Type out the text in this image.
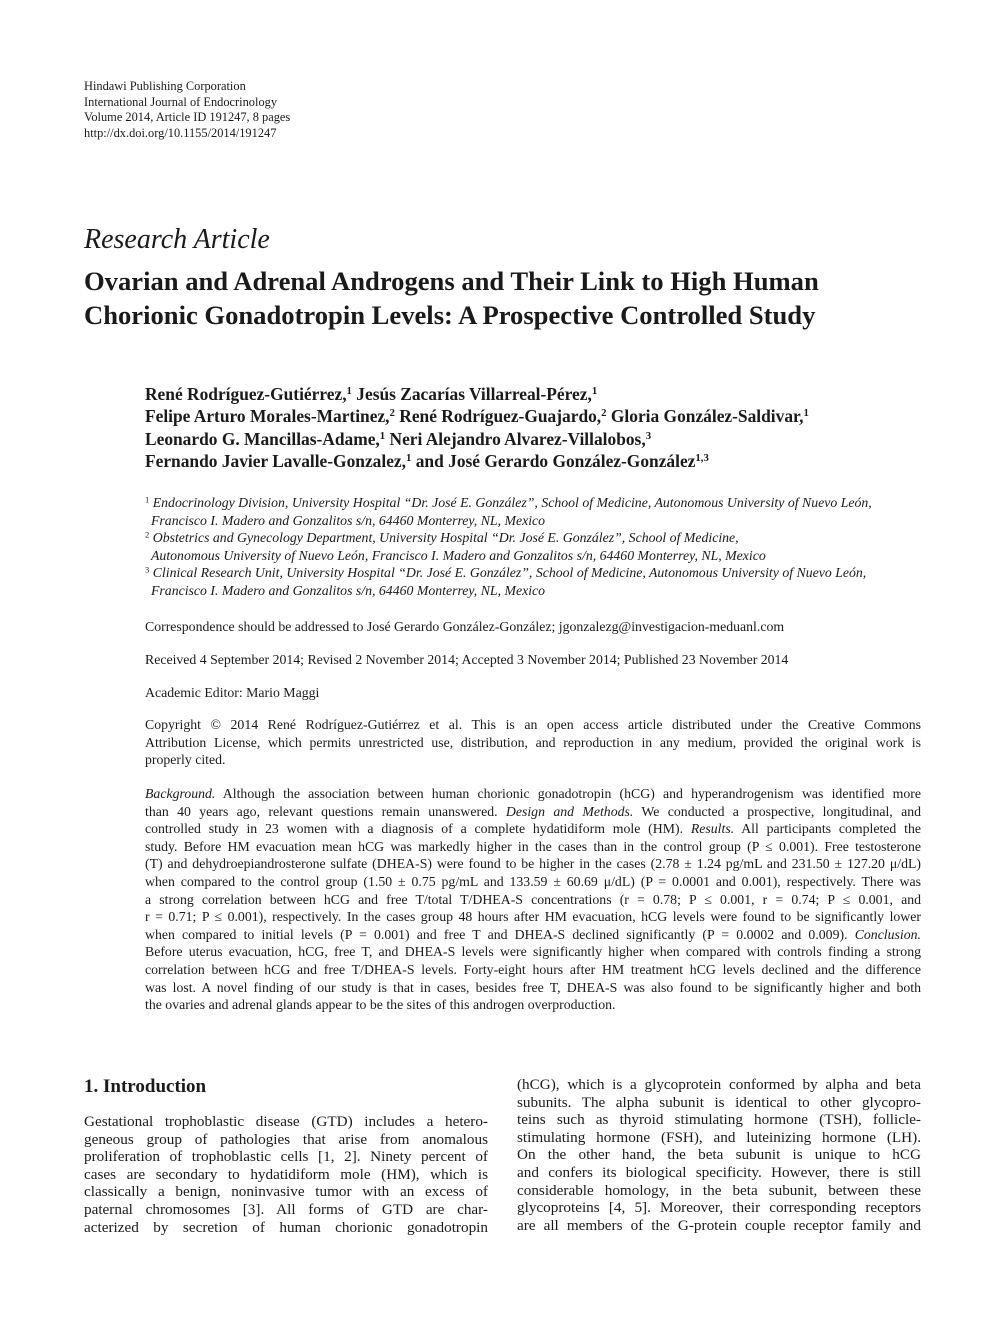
Hindawi Publishing Corporation
International Journal of Endocrinology
Volume 2014, Article ID 191247, 8 pages
http://dx.doi.org/10.1155/2014/191247
Research Article
Ovarian and Adrenal Androgens and Their Link to High Human
Chorionic Gonadotropin Levels: A Prospective Controlled Study
René Rodríguez-Gutiérrez,$^1$ Jesús Zacarías Villarreal-Pérez,$^1$
Felipe Arturo Morales-Martinez,$^2$ René Rodríguez-Guajardo,$^2$ Gloria González-Saldivar,$^1$
Leonardo G. Mancillas-Adame,$^1$ Neri Alejandro Alvarez-Villalobos,$^3$
Fernando Javier Lavalle-Gonzalez,$^1$ and José Gerardo González-González$^{1,3}$
$^1$ Endocrinology Division, University Hospital “Dr. José E. González”, School of Medicine, Autonomous University of Nuevo León,
Francisco I. Madero and Gonzalitos s/n, 64460 Monterrey, NL, Mexico
$^2$ Obstetrics and Gynecology Department, University Hospital “Dr. José E. González”, School of Medicine,
Autonomous University of Nuevo León, Francisco I. Madero and Gonzalitos s/n, 64460 Monterrey, NL, Mexico
$^3$ Clinical Research Unit, University Hospital “Dr. José E. González”, School of Medicine, Autonomous University of Nuevo León,
Francisco I. Madero and Gonzalitos s/n, 64460 Monterrey, NL, Mexico
Correspondence should be addressed to José Gerardo González-González; jgonzalezg@investigacion-meduanl.com
Received 4 September 2014; Revised 2 November 2014; Accepted 3 November 2014; Published 23 November 2014
Academic Editor: Mario Maggi
Copyright © 2014 René Rodríguez-Gutiérrez et al. This is an open access article distributed under the Creative Commons
Attribution License, which permits unrestricted use, distribution, and reproduction in any medium, provided the original work is
properly cited.
Background. Although the association between human chorionic gonadotropin (hCG) and hyperandrogenism was identified more
than 40 years ago, relevant questions remain unanswered. Design and Methods. We conducted a prospective, longitudinal, and
controlled study in 23 women with a diagnosis of a complete hydatidiform mole (HM). Results. All participants completed the
study. Before HM evacuation mean hCG was markedly higher in the cases than in the control group (P ≤ 0.001). Free testosterone
(T) and dehydroepiandrosterone sulfate (DHEA-S) were found to be higher in the cases (2.78 ± 1.24 pg/mL and 231.50 ± 127.20 μ/dL)
when compared to the control group (1.50 ± 0.75 pg/mL and 133.59 ± 60.69 μ/dL) (P = 0.0001 and 0.001), respectively. There was
a strong correlation between hCG and free T/total T/DHEA-S concentrations (r = 0.78; P ≤ 0.001, r = 0.74; P ≤ 0.001, and
r = 0.71; P ≤ 0.001), respectively. In the cases group 48 hours after HM evacuation, hCG levels were found to be significantly lower
when compared to initial levels (P = 0.001) and free T and DHEA-S declined significantly (P = 0.0002 and 0.009). Conclusion.
Before uterus evacuation, hCG, free T, and DHEA-S levels were significantly higher when compared with controls finding a strong
correlation between hCG and free T/DHEA-S levels. Forty-eight hours after HM treatment hCG levels declined and the difference
was lost. A novel finding of our study is that in cases, besides free T, DHEA-S was also found to be significantly higher and both
the ovaries and adrenal glands appear to be the sites of this androgen overproduction.
1. Introduction
Gestational trophoblastic disease (GTD) includes a hetero-
geneous group of pathologies that arise from anomalous
proliferation of trophoblastic cells [1, 2]. Ninety percent of
cases are secondary to hydatidiform mole (HM), which is
classically a benign, noninvasive tumor with an excess of
paternal chromosomes [3]. All forms of GTD are char-
acterized by secretion of human chorionic gonadotropin
(hCG), which is a glycoprotein conformed by alpha and beta
subunits. The alpha subunit is identical to other glycopro-
teins such as thyroid stimulating hormone (TSH), follicle-
stimulating hormone (FSH), and luteinizing hormone (LH).
On the other hand, the beta subunit is unique to hCG
and confers its biological specificity. However, there is still
considerable homology, in the beta subunit, between these
glycoproteins [4, 5]. Moreover, their corresponding receptors
are all members of the G-protein couple receptor family and
